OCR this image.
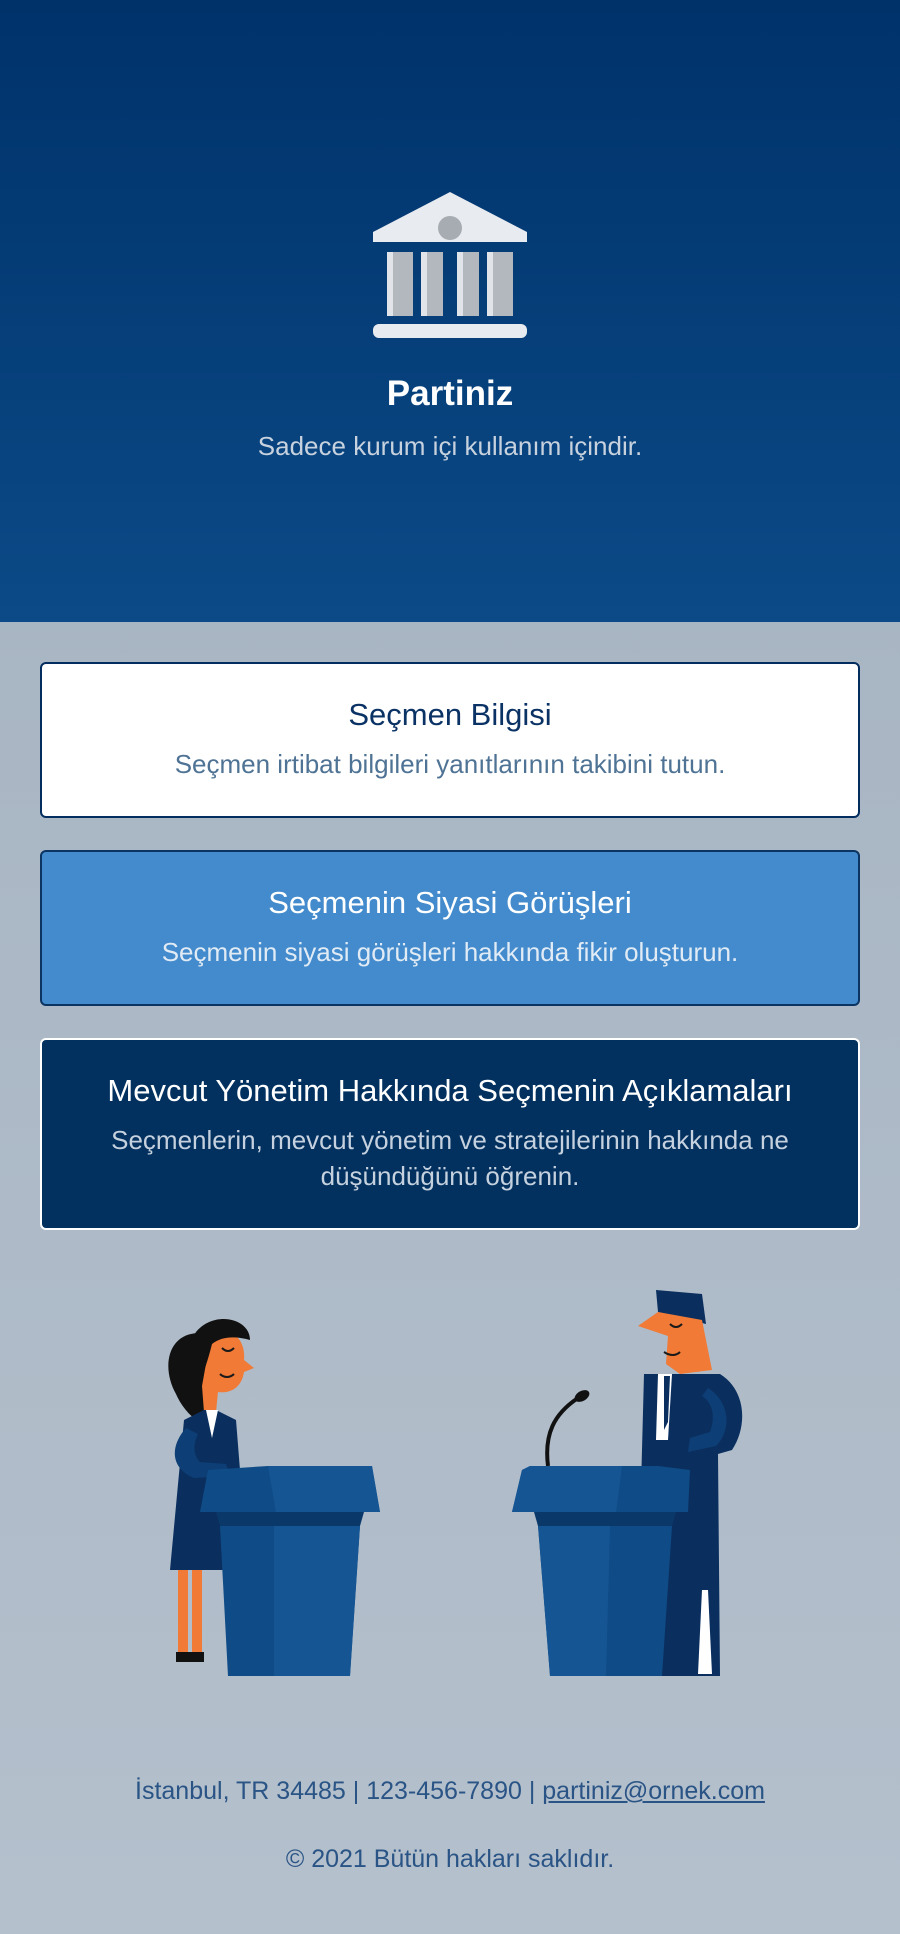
Partiniz
Sadece kurum içi kullanım içindir.
Seçmen Bilgisi
Seçmen irtibat bilgileri yanıtlarının takibini tutun.
Seçmenin Siyasi Görüşleri
Seçmenin siyasi görüşleri hakkında fikir oluşturun.
Mevcut Yönetim Hakkında Seçmenin Açıklamaları
Seçmenlerin, mevcut yönetim ve stratejilerinin hakkında ne düşündüğünü öğrenin.
İstanbul, TR 34485 | 123-456-7890 | partiniz@ornek.com
© 2021 Bütün hakları saklıdır.
